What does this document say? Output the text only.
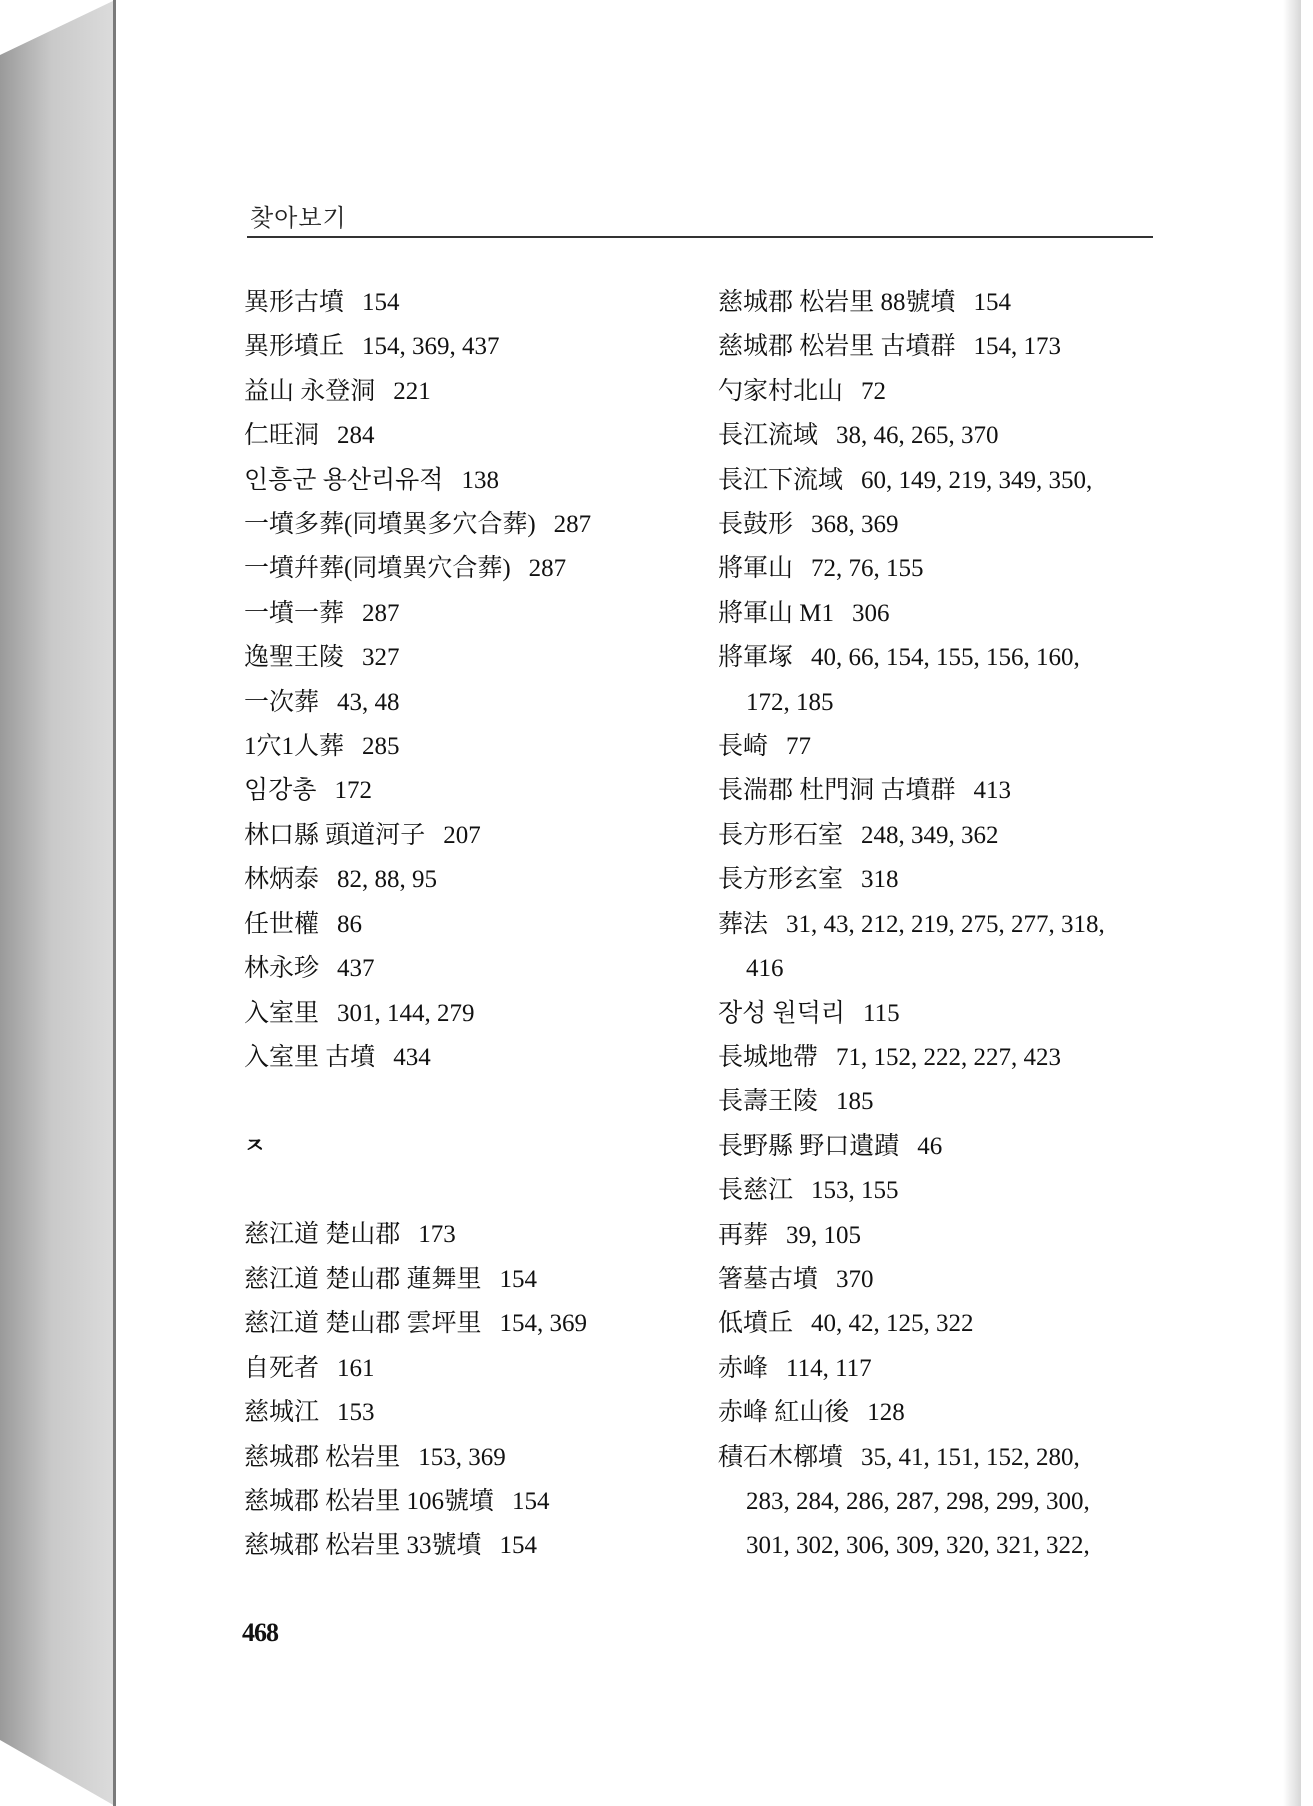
찾아보기
異形古墳 154
異形墳丘 154, 369, 437
益山 永登洞 221
仁旺洞 284
인흥군 용산리유적 138
一墳多葬(同墳異多穴合葬) 287
一墳幷葬(同墳異穴合葬) 287
一墳一葬 287
逸聖王陵 327
一次葬 43, 48
1穴1人葬 285
임강총 172
林口縣 頭道河子 207
林炳泰 82, 88, 95
任世權 86
林永珍 437
入室里 301, 144, 279
入室里 古墳 434
ㅈ
慈江道 楚山郡 173
慈江道 楚山郡 蓮舞里 154
慈江道 楚山郡 雲坪里 154, 369
自死者 161
慈城江 153
慈城郡 松岩里 153, 369
慈城郡 松岩里 106號墳 154
慈城郡 松岩里 33號墳 154
慈城郡 松岩里 88號墳 154
慈城郡 松岩里 古墳群 154, 173
勺家村北山 72
長江流域 38, 46, 265, 370
長江下流域 60, 149, 219, 349, 350,
長鼓形 368, 369
將軍山 72, 76, 155
將軍山 M1 306
將軍塚 40, 66, 154, 155, 156, 160,
172, 185
長崎 77
長湍郡 杜門洞 古墳群 413
長方形石室 248, 349, 362
長方形玄室 318
葬法 31, 43, 212, 219, 275, 277, 318,
416
장성 원덕리 115
長城地帶 71, 152, 222, 227, 423
長壽王陵 185
長野縣 野口遺蹟 46
長慈江 153, 155
再葬 39, 105
箸墓古墳 370
低墳丘 40, 42, 125, 322
赤峰 114, 117
赤峰 紅山後 128
積石木槨墳 35, 41, 151, 152, 280,
283, 284, 286, 287, 298, 299, 300,
301, 302, 306, 309, 320, 321, 322,
468
